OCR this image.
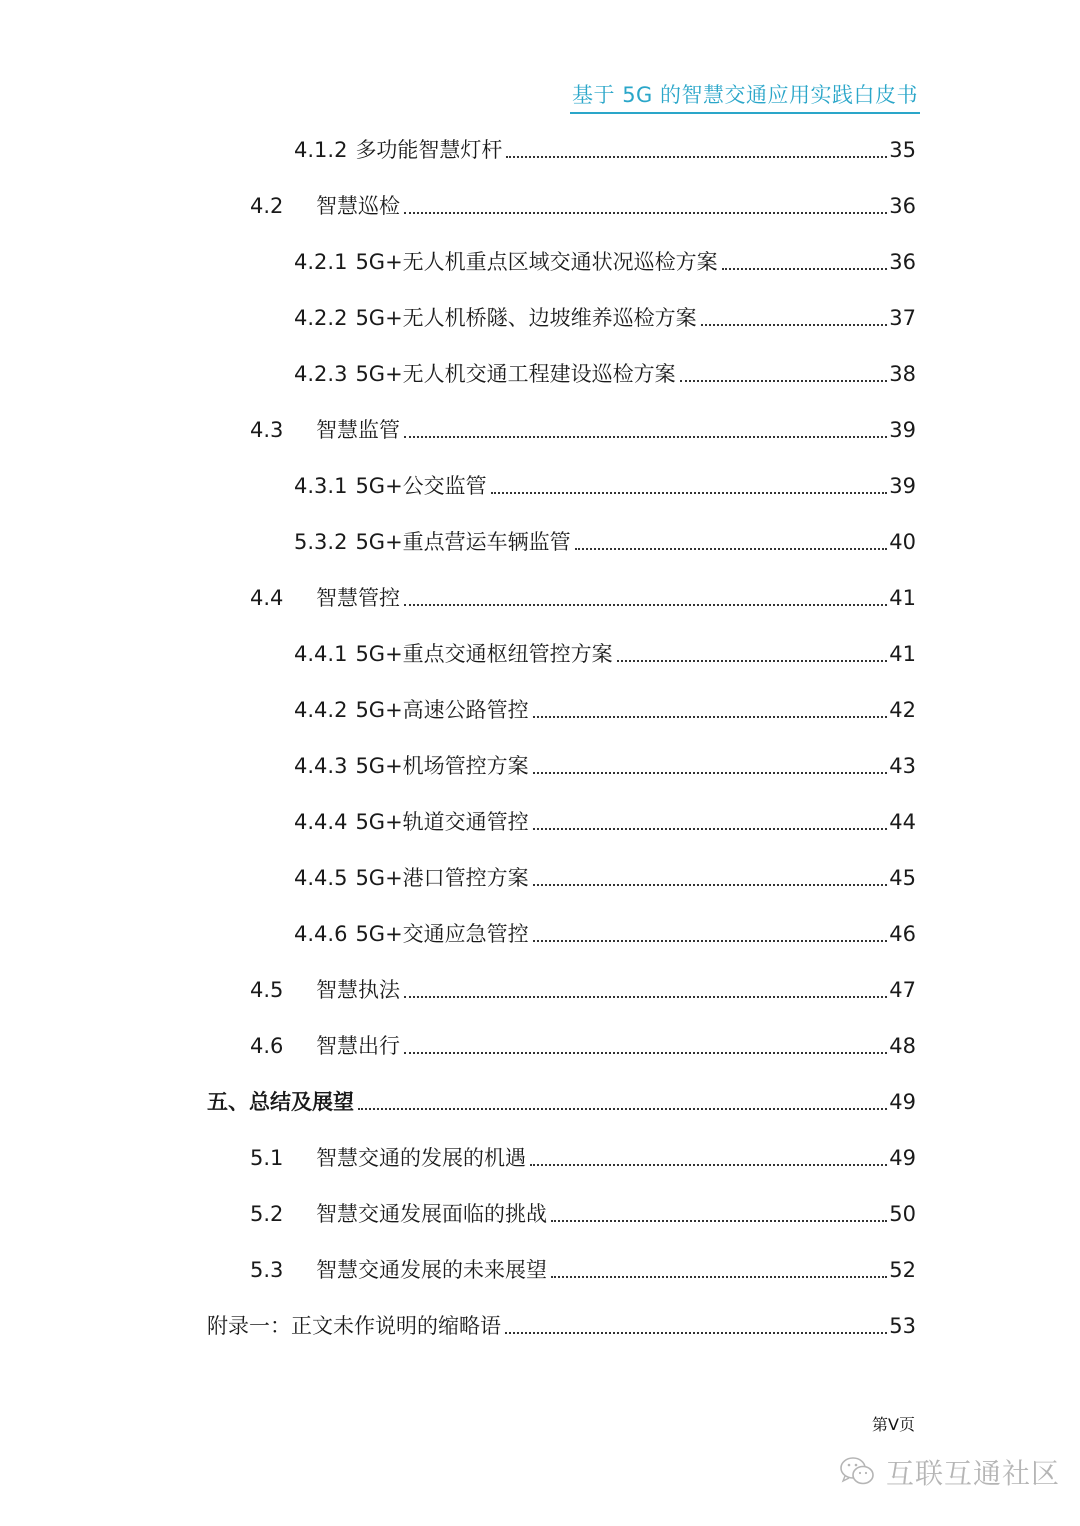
基于 5G 的智慧交通应用实践白皮书
4.1.2 多功能智慧灯杆	35
4.2	智慧巡检	36
4.2.1 5G+无人机重点区域交通状况巡检方案	36
4.2.2 5G+无人机桥隧、边坡维养巡检方案	37
4.2.3 5G+无人机交通工程建设巡检方案	38
4.3	智慧监管	39
4.3.1 5G+公交监管	39
5.3.2 5G+重点营运车辆监管	40
4.4	智慧管控	41
4.4.1 5G+重点交通枢纽管控方案	41
4.4.2 5G+高速公路管控	42
4.4.3 5G+机场管控方案	43
4.4.4 5G+轨道交通管控	44
4.4.5 5G+港口管控方案	45
4.4.6 5G+交通应急管控	46
4.5	智慧执法	47
4.6	智慧出行	48
五、总结及展望	49
5.1	智慧交通的发展的机遇	49
5.2	智慧交通发展面临的挑战	50
5.3	智慧交通发展的未来展望	52
附录一：正文未作说明的缩略语	53
第V页
互联互通社区
